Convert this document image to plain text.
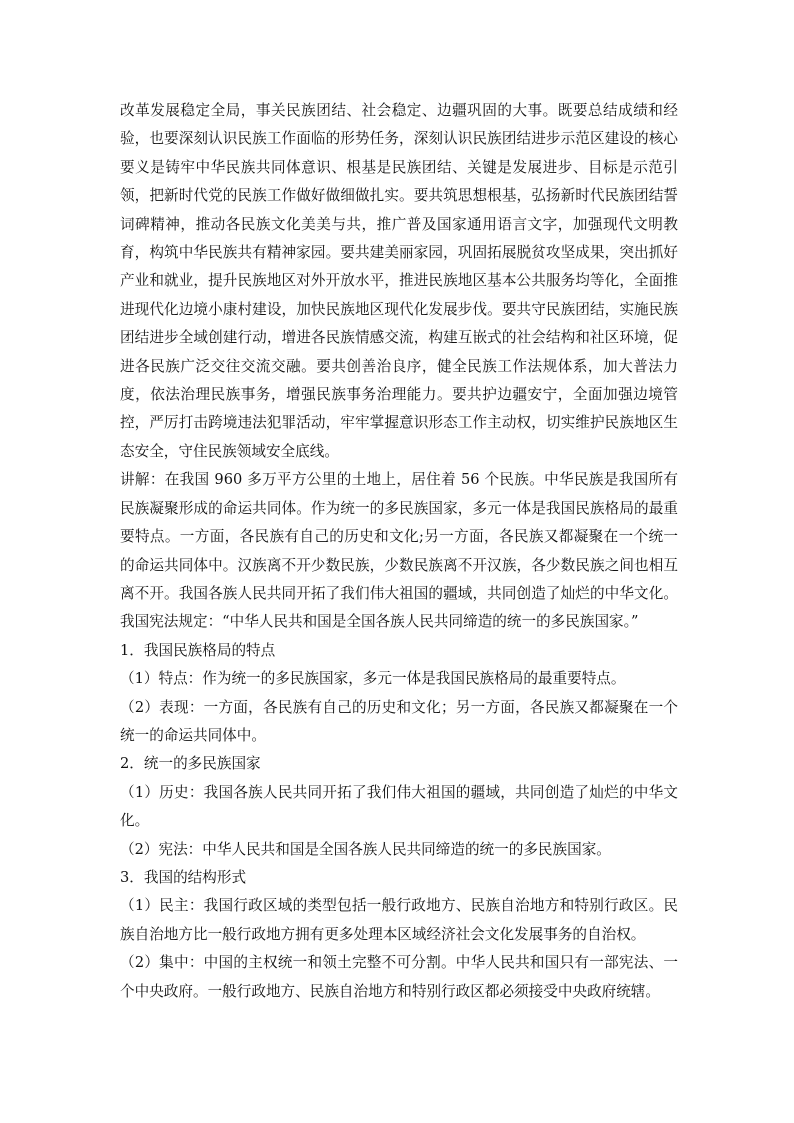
改革发展稳定全局，事关民族团结、社会稳定、边疆巩固的大事。既要总结成绩和经验，也要深刻认识民族工作面临的形势任务，深刻认识民族团结进步示范区建设的核心要义是铸牢中华民族共同体意识、根基是民族团结、关键是发展进步、目标是示范引领，把新时代党的民族工作做好做细做扎实。要共筑思想根基，弘扬新时代民族团结誓词碑精神，推动各民族文化美美与共，推广普及国家通用语言文字，加强现代文明教育，构筑中华民族共有精神家园。要共建美丽家园，巩固拓展脱贫攻坚成果，突出抓好产业和就业，提升民族地区对外开放水平，推进民族地区基本公共服务均等化，全面推进现代化边境小康村建设，加快民族地区现代化发展步伐。要共守民族团结，实施民族团结进步全域创建行动，增进各民族情感交流，构建互嵌式的社会结构和社区环境，促进各民族广泛交往交流交融。要共创善治良序，健全民族工作法规体系，加大普法力度，依法治理民族事务，增强民族事务治理能力。要共护边疆安宁，全面加强边境管控，严厉打击跨境违法犯罪活动，牢牢掌握意识形态工作主动权，切实维护民族地区生态安全，守住民族领域安全底线。

讲解：在我国 960 多万平方公里的土地上，居住着 56 个民族。中华民族是我国所有民族凝聚形成的命运共同体。作为统一的多民族国家，多元一体是我国民族格局的最重要特点。一方面，各民族有自己的历史和文化;另一方面，各民族又都凝聚在一个统一的命运共同体中。汉族离不开少数民族，少数民族离不开汉族，各少数民族之间也相互离不开。我国各族人民共同开拓了我们伟大祖国的疆域，共同创造了灿烂的中华文化。我国宪法规定：“中华人民共和国是全国各族人民共同缔造的统一的多民族国家。”

1．我国民族格局的特点

（1）特点：作为统一的多民族国家，多元一体是我国民族格局的最重要特点。

（2）表现：一方面，各民族有自己的历史和文化；另一方面，各民族又都凝聚在一个统一的命运共同体中。

2．统一的多民族国家

（1）历史：我国各族人民共同开拓了我们伟大祖国的疆域，共同创造了灿烂的中华文化。

（2）宪法：中华人民共和国是全国各族人民共同缔造的统一的多民族国家。

3．我国的结构形式

（1）民主：我国行政区域的类型包括一般行政地方、民族自治地方和特别行政区。民族自治地方比一般行政地方拥有更多处理本区域经济社会文化发展事务的自治权。

（2）集中：中国的主权统一和领土完整不可分割。中华人民共和国只有一部宪法、一个中央政府。一般行政地方、民族自治地方和特别行政区都必须接受中央政府统辖。
